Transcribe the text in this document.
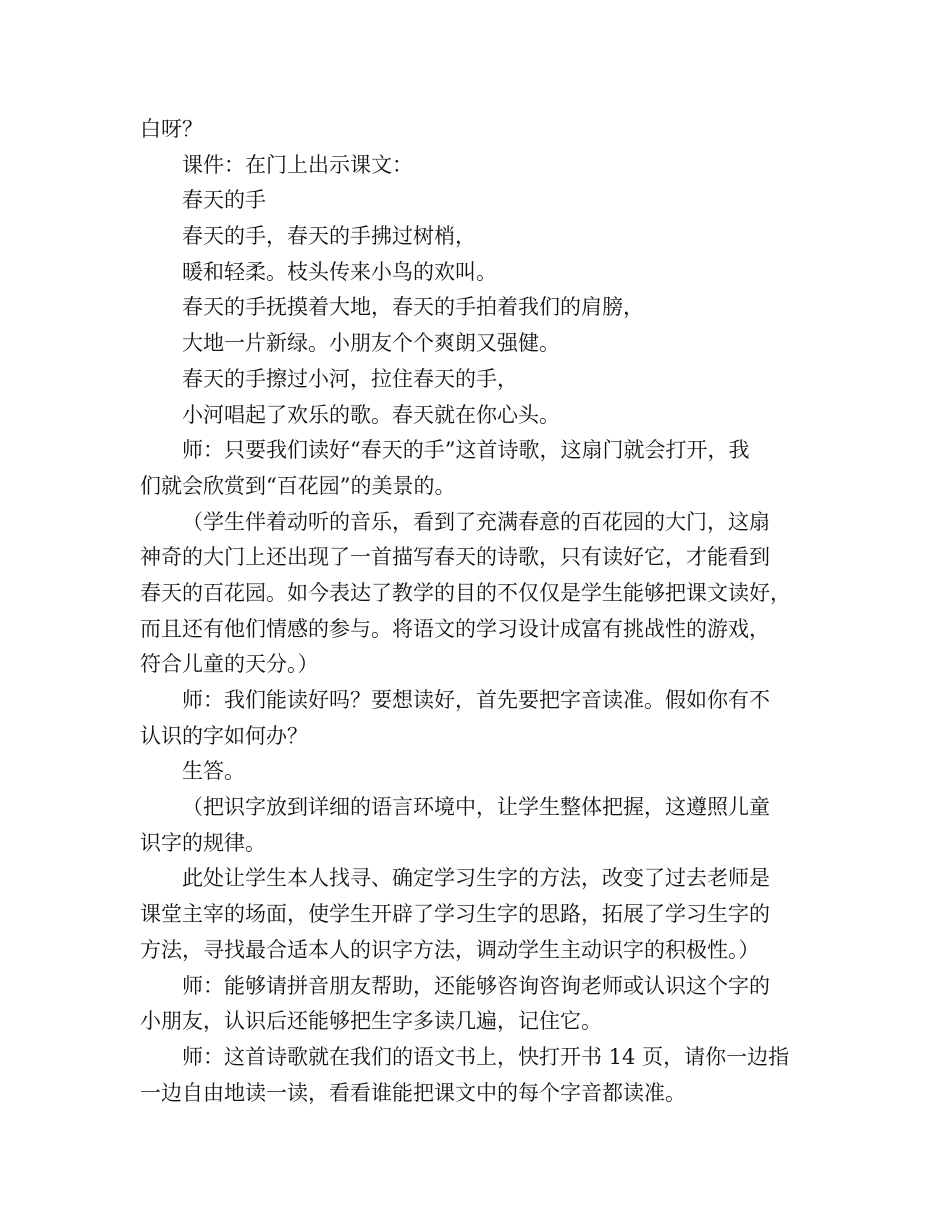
白呀？
课件：在门上出示课文：
春天的手
春天的手，春天的手拂过树梢，
暖和轻柔。枝头传来小鸟的欢叫。
春天的手抚摸着大地，春天的手拍着我们的肩膀，
大地一片新绿。小朋友个个爽朗又强健。
春天的手擦过小河，拉住春天的手，
小河唱起了欢乐的歌。春天就在你心头。
师：只要我们读好“春天的手”这首诗歌，这扇门就会打开，我
们就会欣赏到“百花园”的美景的。
（学生伴着动听的音乐，看到了充满春意的百花园的大门，这扇
神奇的大门上还出现了一首描写春天的诗歌，只有读好它，才能看到
春天的百花园。如今表达了教学的目的不仅仅是学生能够把课文读好，
而且还有他们情感的参与。将语文的学习设计成富有挑战性的游戏，
符合儿童的天分。）
师：我们能读好吗？要想读好，首先要把字音读准。假如你有不
认识的字如何办？
生答。
（把识字放到详细的语言环境中，让学生整体把握，这遵照儿童
识字的规律。
此处让学生本人找寻、确定学习生字的方法，改变了过去老师是
课堂主宰的场面，使学生开辟了学习生字的思路，拓展了学习生字的
方法，寻找最合适本人的识字方法，调动学生主动识字的积极性。）
师：能够请拼音朋友帮助，还能够咨询咨询老师或认识这个字的
小朋友，认识后还能够把生字多读几遍，记住它。
师：这首诗歌就在我们的语文书上，快打开书 14 页，请你一边指
一边自由地读一读，看看谁能把课文中的每个字音都读准。
